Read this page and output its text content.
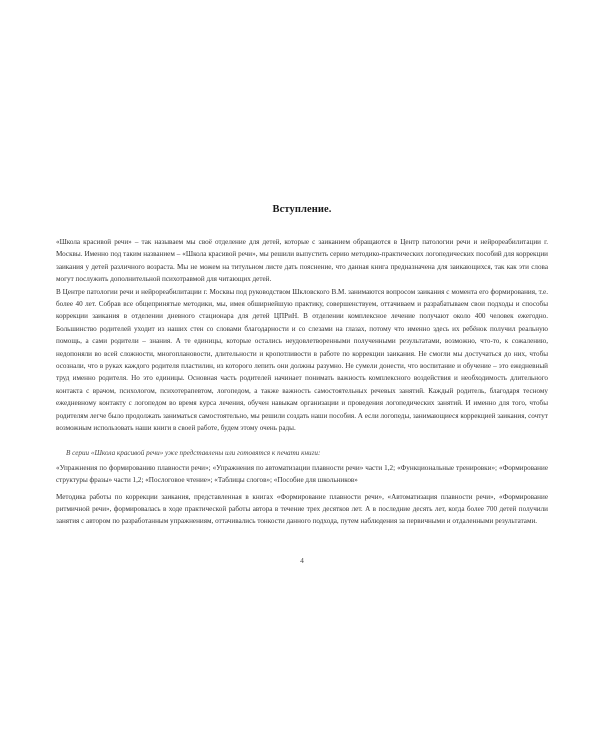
Вступление.

«Школа красивой речи» – так называем мы своё отделение для детей, которые с заиканием обращаются в Центр патологии речи и нейрореабилитации г. Москвы. Именно под таким названием – «Школа красивой речи», мы решили выпустить серию методико-практических логопедических пособий для коррекции заикания у детей различного возраста. Мы не можем на титульном листе дать пояснение, что данная книга предназначена для заикающихся, так как эти слова могут послужить дополнительной психотравмой для читающих детей.

В Центре патологии речи и нейрореабилитации г. Москвы под руководством Шкловского В.М. занимаются вопросом заикания с момента его формирования, т.е. более 40 лет. Собрав все общепринятые методики, мы, имея обширнейшую практику, совершенствуем, оттачиваем и разрабатываем свои подходы и способы коррекции заикания в отделении дневного стационара для детей ЦПРиН. В отделении комплексное лечение получают около 400 человек ежегодно. Большинство родителей уходит из наших стен со словами благодарности и со слезами на глазах, потому что именно здесь их ребёнок получил реальную помощь, а сами родители – знания. А те единицы, которые остались неудовлетворенными полученными результатами, возможно, что-то, к сожалению, недопоняли во всей сложности, многоплановости, длительности и кропотливости в работе по коррекции заикания. Не смогли мы достучаться до них, чтобы осознали, что в руках каждого родителя пластилин, из которого лепить они должны разумно. Не сумели донести, что воспитание и обучение – это ежедневный труд именно родителя. Но это единицы. Основная часть родителей начинает понимать важность комплексного воздействия и необходимость длительного контакта с врачом, психологом, психотерапевтом, логопедом, а также важность самостоятельных речевых занятий. Каждый родитель, благодаря тесному ежедневному контакту с логопедом во время курса лечения, обучен навыкам организации и проведения логопедических занятий. И именно для того, чтобы родителям легче было продолжать заниматься самостоятельно, мы решили создать наши пособия. А если логопеды, занимающиеся коррекцией заикания, сочтут возможным использовать наши книги в своей работе, будем этому очень рады.

В серии «Школа красивой речи» уже представлены или готовятся к печати книги:

«Упражнения по формированию плавности речи»; «Упражнения по автоматизации плавности речи» части 1,2; «Функциональные тренировки»; «Формирование структуры фразы» части 1,2; «Послоговое чтение»; «Таблицы слогов»; «Пособие для школьников»

Методика работы по коррекции заикания, представленная в книгах «Формирование плавности речи», «Автоматизация плавности речи», «Формирование ритмичной речи», формировалась в ходе практической работы автора в течение трех десятков лет. А в последние десять лет, когда более 700 детей получили занятия с автором по разработанным упражнениям, оттачивались тонкости данного подхода, путем наблюдения за первичными и отдаленными результатами.

4
